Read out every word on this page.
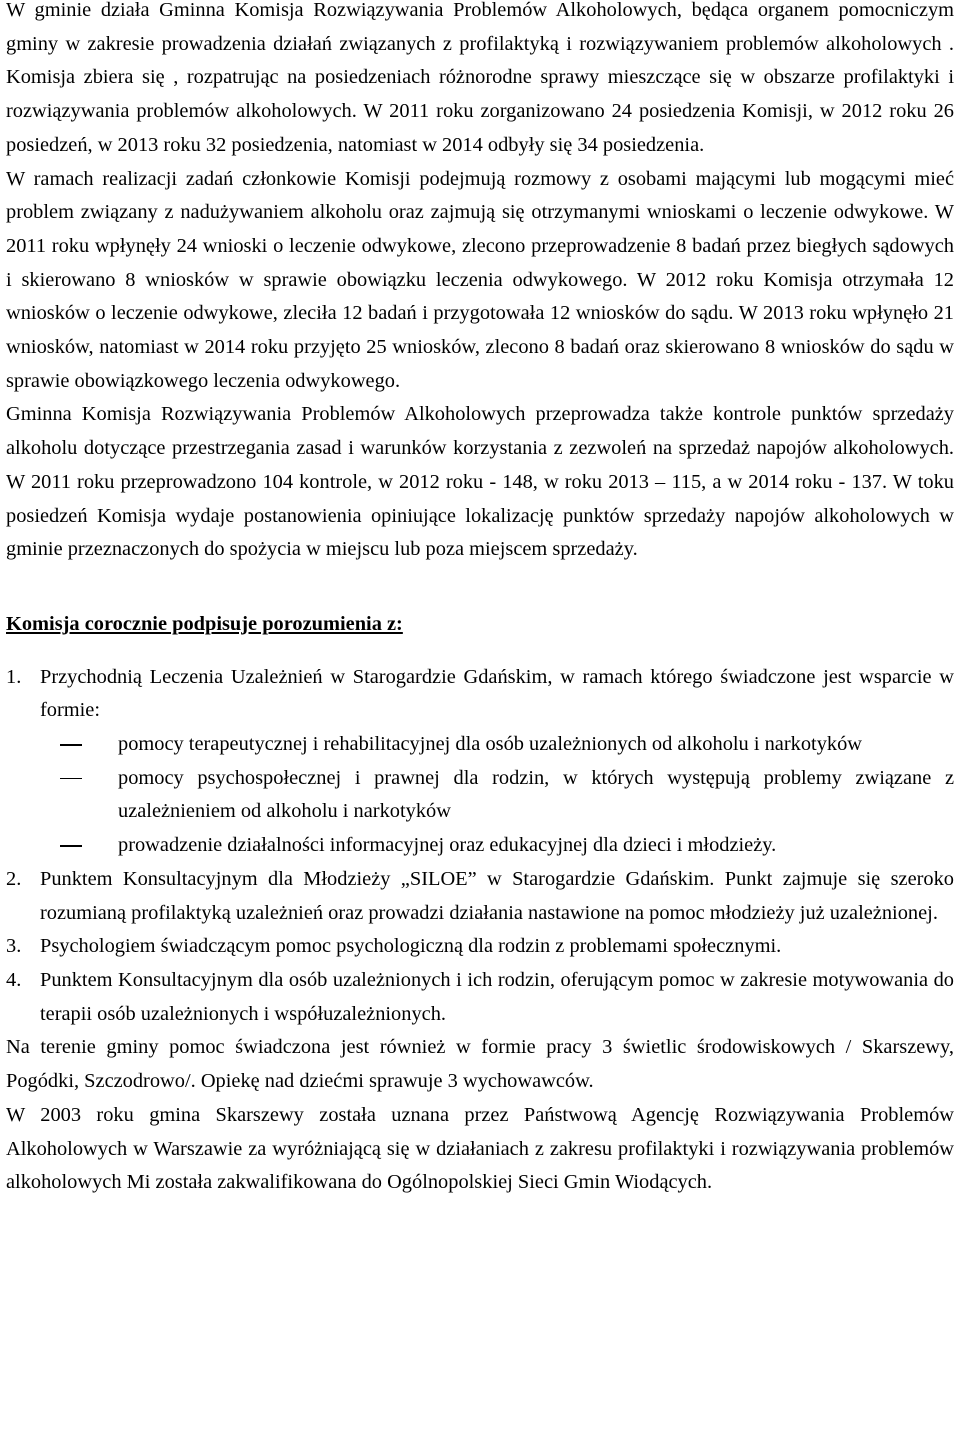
W gminie działa Gminna Komisja Rozwiązywania Problemów Alkoholowych, będąca organem pomocniczym gminy w zakresie prowadzenia działań związanych z profilaktyką i rozwiązywaniem problemów alkoholowych . Komisja zbiera się , rozpatrując na posiedzeniach różnorodne sprawy mieszczące się w obszarze profilaktyki i rozwiązywania problemów alkoholowych. W 2011 roku zorganizowano 24 posiedzenia Komisji, w 2012 roku 26 posiedzeń, w 2013 roku 32 posiedzenia, natomiast w 2014 odbyły się 34 posiedzenia.

W ramach realizacji zadań członkowie Komisji podejmują rozmowy z osobami mającymi lub mogącymi mieć problem związany z nadużywaniem alkoholu oraz zajmują się otrzymanymi wnioskami o leczenie odwykowe. W 2011 roku wpłynęły 24 wnioski o leczenie odwykowe, zlecono przeprowadzenie 8 badań przez biegłych sądowych i skierowano 8 wniosków w sprawie obowiązku leczenia odwykowego. W 2012 roku Komisja otrzymała 12 wniosków o leczenie odwykowe, zleciła 12 badań i przygotowała 12 wniosków do sądu. W 2013 roku wpłynęło 21 wniosków, natomiast w 2014 roku przyjęto 25 wniosków, zlecono 8 badań oraz skierowano 8 wniosków do sądu w sprawie obowiązkowego leczenia odwykowego.

Gminna Komisja Rozwiązywania Problemów Alkoholowych przeprowadza także kontrole punktów sprzedaży alkoholu dotyczące przestrzegania zasad i warunków korzystania z zezwoleń na sprzedaż napojów alkoholowych. W 2011 roku przeprowadzono 104 kontrole, w 2012 roku - 148, w roku 2013 – 115, a w 2014 roku - 137. W toku posiedzeń Komisja wydaje postanowienia opiniujące lokalizację punktów sprzedaży napojów alkoholowych w gminie przeznaczonych do spożycia w miejscu lub poza miejscem sprzedaży.

Komisja corocznie podpisuje porozumienia z:

1. Przychodnią Leczenia Uzależnień w Starogardzie Gdańskim, w ramach którego świadczone jest wsparcie w formie:
pomocy terapeutycznej i rehabilitacyjnej dla osób uzależnionych od alkoholu i narkotyków
pomocy psychospołecznej i prawnej dla rodzin, w których występują problemy związane z uzależnieniem od alkoholu i narkotyków
prowadzenie działalności informacyjnej oraz edukacyjnej dla dzieci i młodzieży.
2. Punktem Konsultacyjnym dla Młodzieży „SILOE” w Starogardzie Gdańskim. Punkt zajmuje się szeroko rozumianą profilaktyką uzależnień oraz prowadzi działania nastawione na pomoc młodzieży już uzależnionej.
3. Psychologiem świadczącym pomoc psychologiczną dla rodzin z problemami społecznymi.
4. Punktem Konsultacyjnym dla osób uzależnionych i ich rodzin, oferującym pomoc w zakresie motywowania do terapii osób uzależnionych i współuzależnionych.

Na terenie gminy pomoc świadczona jest również w formie pracy 3 świetlic środowiskowych / Skarszewy, Pogódki, Szczodrowo/. Opiekę nad dziećmi sprawuje 3 wychowawców.

W 2003 roku gmina Skarszewy została uznana przez Państwową Agencję Rozwiązywania Problemów Alkoholowych w Warszawie za wyróżniającą się w działaniach z zakresu profilaktyki i rozwiązywania problemów alkoholowych Mi została zakwalifikowana do Ogólnopolskiej Sieci Gmin Wiodących.
